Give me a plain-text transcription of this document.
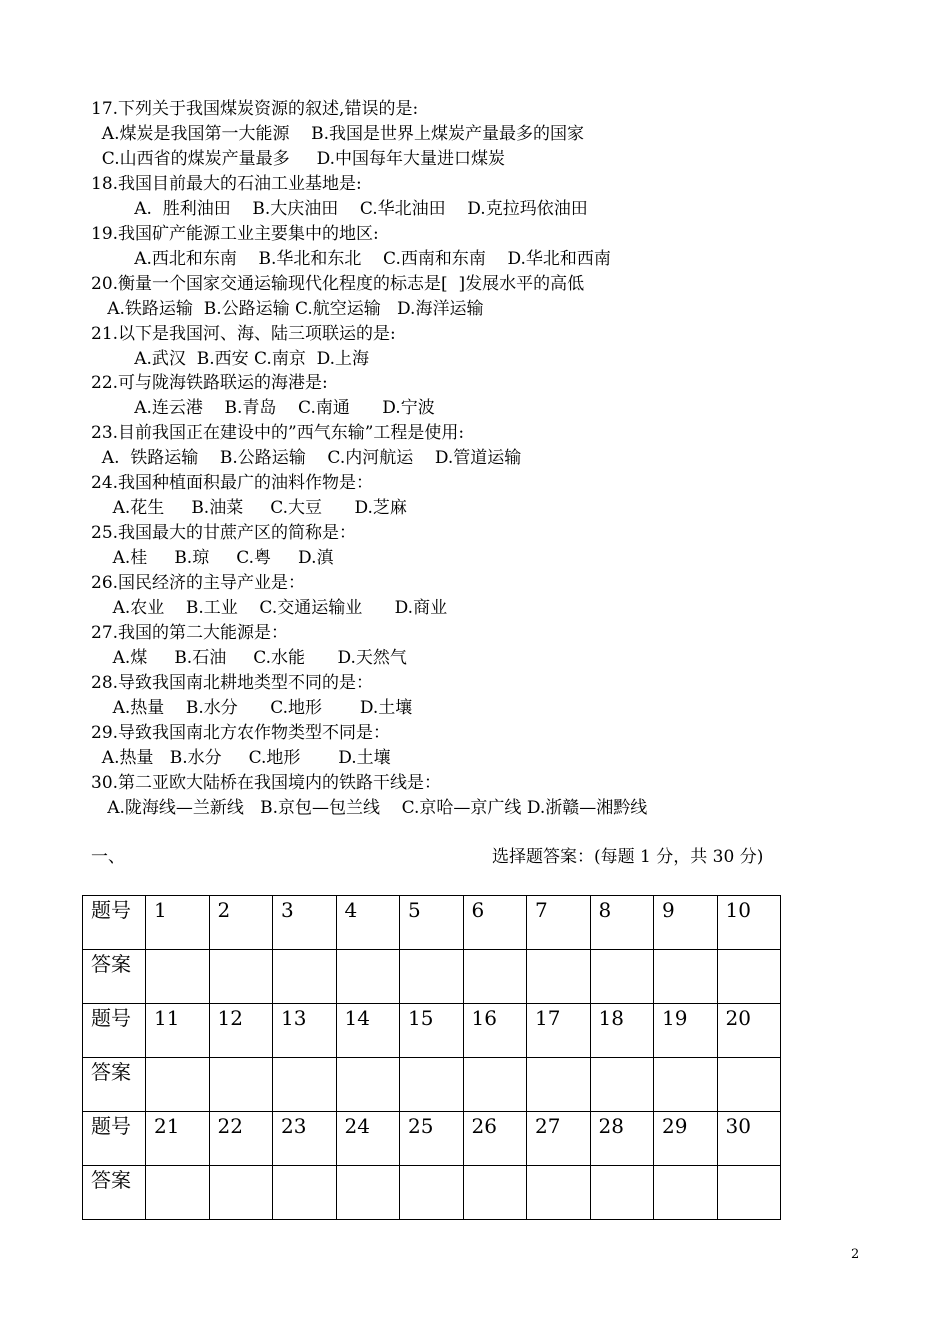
17.下列关于我国煤炭资源的叙述,错误的是:
A.煤炭是我国第一大能源    B.我国是世界上煤炭产量最多的国家
C.山西省的煤炭产量最多     D.中国每年大量进口煤炭
18.我国目前最大的石油工业基地是:
A.  胜利油田    B.大庆油田    C.华北油田    D.克拉玛依油田
19.我国矿产能源工业主要集中的地区:
A.西北和东南    B.华北和东北    C.西南和东南    D.华北和西南
20.衡量一个国家交通运输现代化程度的标志是[  ]发展水平的高低
A.铁路运输  B.公路运输 C.航空运输   D.海洋运输
21.以下是我国河、海、陆三项联运的是:
A.武汉  B.西安 C.南京  D.上海
22.可与陇海铁路联运的海港是:
A.连云港    B.青岛    C.南通      D.宁波
23.目前我国正在建设中的”西气东输”工程是使用:
A.  铁路运输    B.公路运输    C.内河航运    D.管道运输
24.我国种植面积最广的油料作物是：
A.花生     B.油菜     C.大豆      D.芝麻
25.我国最大的甘蔗产区的简称是：
A.桂     B.琼     C.粤     D.滇
26.国民经济的主导产业是：
A.农业    B.工业    C.交通运输业      D.商业
27.我国的第二大能源是：
A.煤     B.石油     C.水能      D.天然气
28.导致我国南北耕地类型不同的是：
A.热量    B.水分      C.地形       D.土壤
29.导致我国南北方农作物类型不同是：
A.热量   B.水分     C.地形       D.土壤
30.第二亚欧大陆桥在我国境内的铁路干线是：
A.陇海线—兰新线   B.京包—包兰线    C.京哈—京广线 D.浙赣—湘黔线
一、	选择题答案：(每题 1 分，共 30 分)
题号	1	2	3	4	5	6	7	8	9	10
答案										
题号	11	12	13	14	15	16	17	18	19	20
答案										
题号	21	22	23	24	25	26	27	28	29	30
答案										
2
